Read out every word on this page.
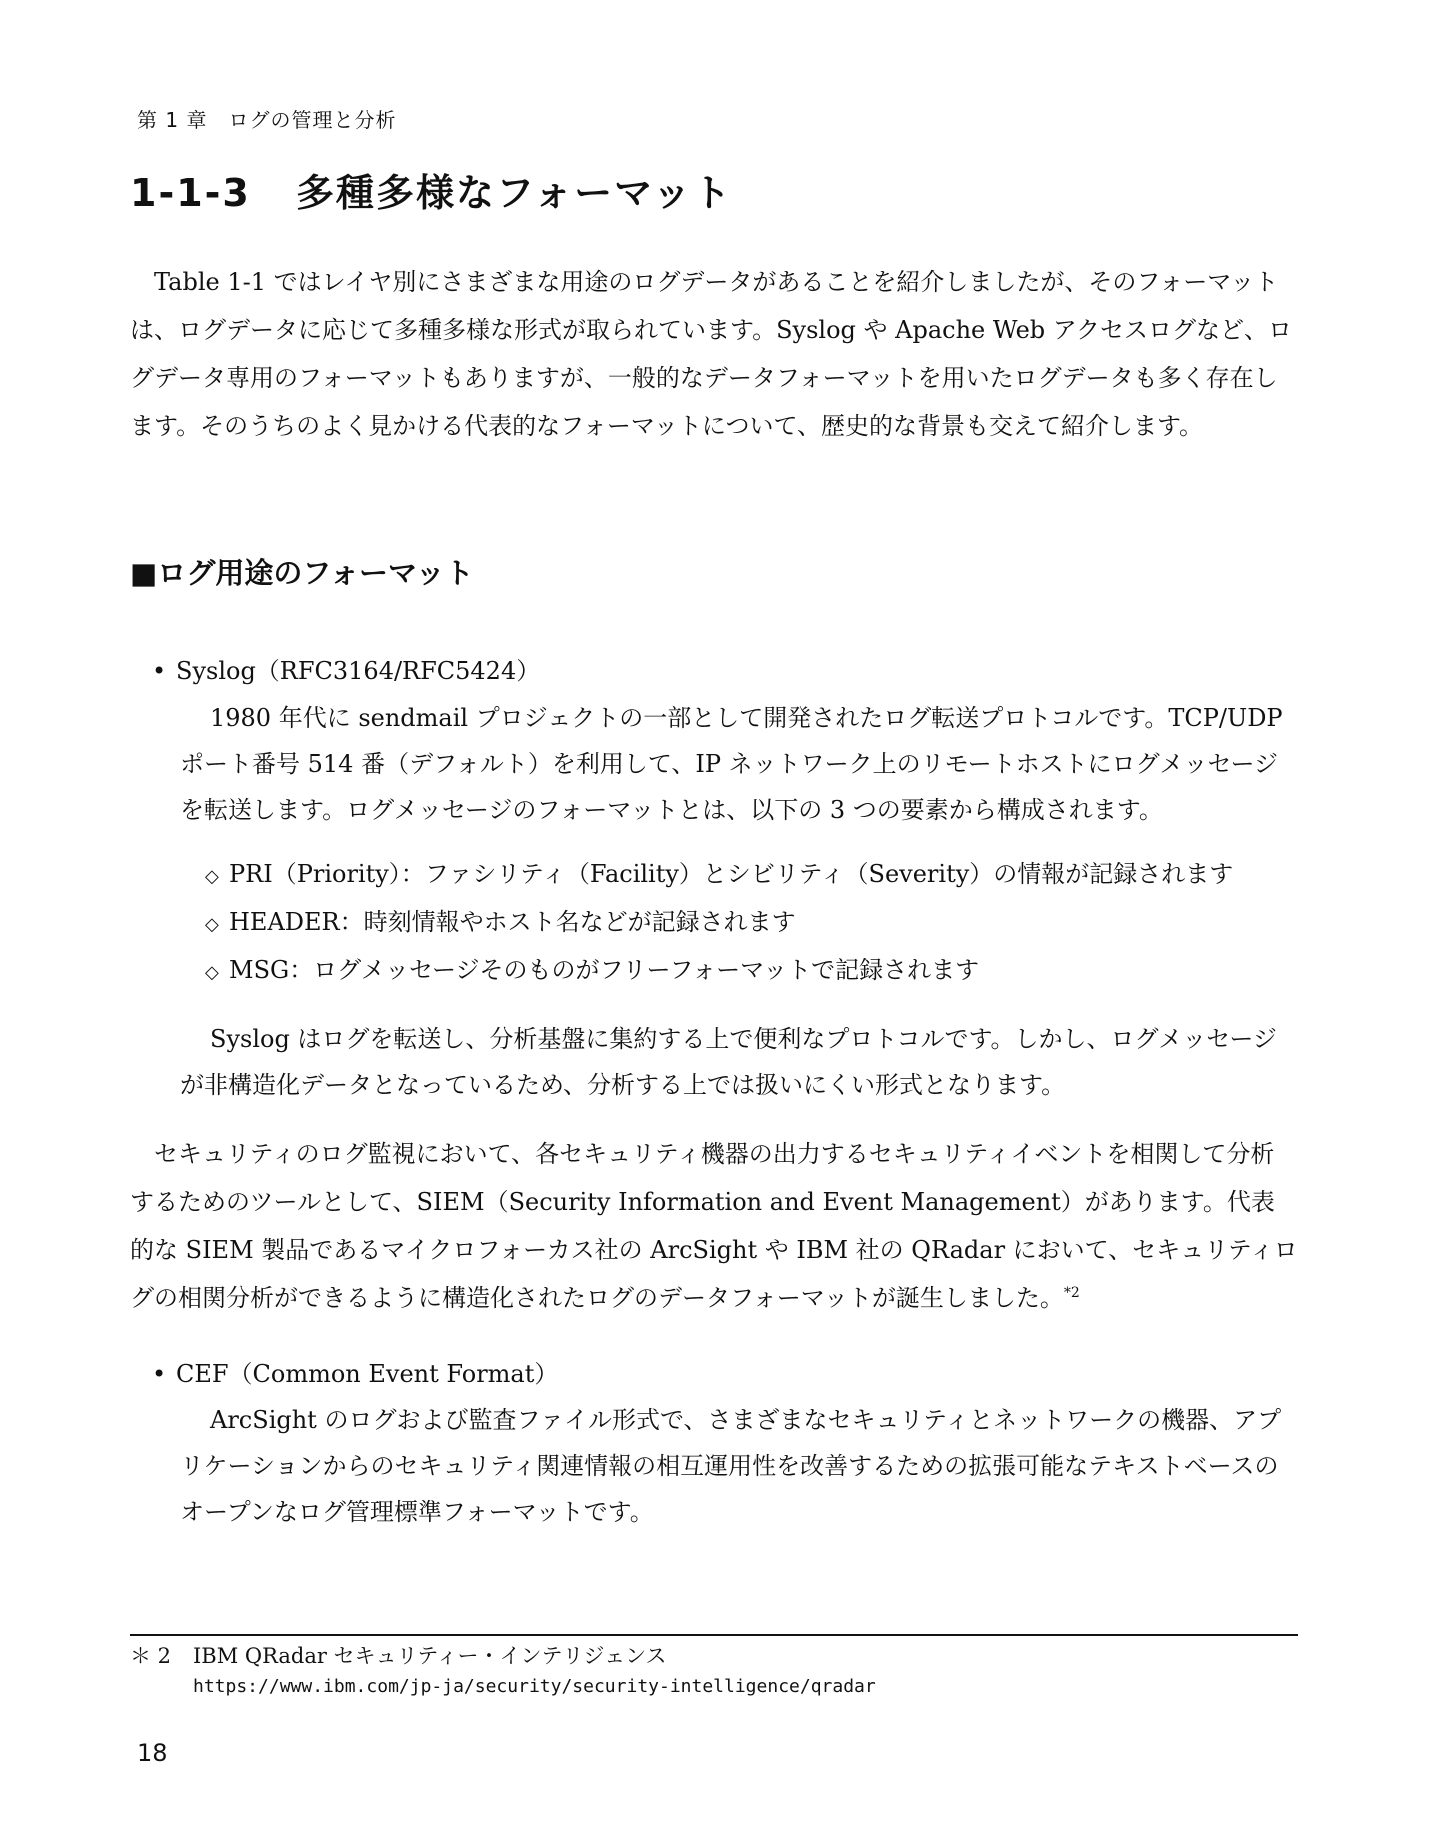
第 1 章　ログの管理と分析
1-1-3 多種多様なフォーマット

Table 1-1 ではレイヤ別にさまざまな用途のログデータがあることを紹介しましたが、そのフォーマットは、ログデータに応じて多種多様な形式が取られています。Syslog や Apache Web アクセスログなど、ログデータ専用のフォーマットもありますが、一般的なデータフォーマットを用いたログデータも多く存在します。そのうちのよく見かける代表的なフォーマットについて、歴史的な背景も交えて紹介します。

■ログ用途のフォーマット
• Syslog（RFC3164/RFC5424）

1980 年代に sendmail プロジェクトの一部として開発されたログ転送プロトコルです。TCP/UDP ポート番号 514 番（デフォルト）を利用して、IP ネットワーク上のリモートホストにログメッセージを転送します。ログメッセージのフォーマットとは、以下の 3 つの要素から構成されます。

◇ PRI（Priority）：ファシリティ（Facility）とシビリティ（Severity）の情報が記録されます
◇ HEADER：時刻情報やホスト名などが記録されます
◇ MSG：ログメッセージそのものがフリーフォーマットで記録されます

Syslog はログを転送し、分析基盤に集約する上で便利なプロトコルです。しかし、ログメッセージが非構造化データとなっているため、分析する上では扱いにくい形式となります。

セキュリティのログ監視において、各セキュリティ機器の出力するセキュリティイベントを相関して分析するためのツールとして、SIEM（Security Information and Event Management）があります。代表的な SIEM 製品であるマイクロフォーカス社の ArcSight や IBM 社の QRadar において、セキュリティログの相関分析ができるように構造化されたログのデータフォーマットが誕生しました。$^{*2}$

• CEF（Common Event Format）

ArcSight のログおよび監査ファイル形式で、さまざまなセキュリティとネットワークの機器、アプリケーションからのセキュリティ関連情報の相互運用性を改善するための拡張可能なテキストベースのオープンなログ管理標準フォーマットです。

＊ 2 IBM QRadar セキュリティー・インテリジェンス
https://www.ibm.com/jp-ja/security/security-intelligence/qradar
18
